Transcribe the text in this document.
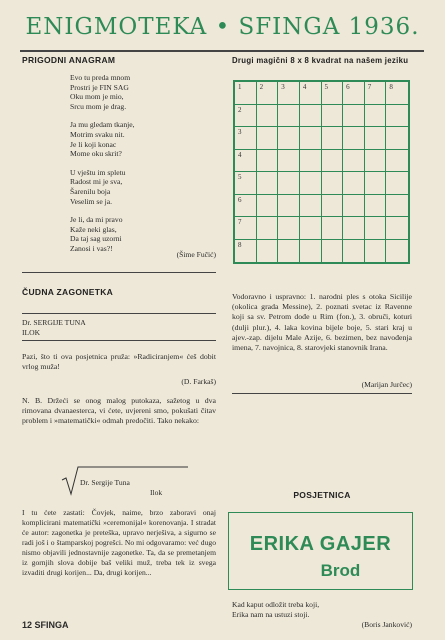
ENIGMOTEKA • SFINGA 1936.
PRIGODNI ANAGRAM
Evo tu preda mnom
Prostri je FIN SAG
Oku mom je mio,
Srcu mom je drag.
Ja mu gledam tkanje,
Motrim svaku nit.
Je li koji konac
Mome oku skrit?
U vještu im spletu
Radost mi je sva,
Šarenilu boja
Veselim se ja.
Je li, da mi pravo
Kaže neki glas,
Da taj sag uzorni
Zanosi i vas?!
(Šime Fučić)
ČUDNA ZAGONETKA
Dr. SERGIJE TUNA
ILOK
Pazi, što ti ova posjetnica pruža: »Radiciranjem« ćeš dobit vrlog muža!
(D. Farkaš)
N. B. Držeći se onog malog putokaza, sažetog u dva rimovana dvanaesterca, vi ćete, uvjereni smo, pokušati čitav problem i »matematički« odmah predočiti. Tako nekako:
Dr. Sergije Tuna
Ilok
I tu ćete zastati: Čovjek, naime, brzo zaboravi onaj komplicirani matematički »ceremonijal« korenovanja. I stradat će autor: zagonetka je preteška, upravo nerješiva, a sigurno se radi još i o štamparskoj pogrešci. No mi odgovaramo: već dugo nismo objavili jednostavnije zagonetke. Ta, da se premetanjem iz gornjih slova dobije baš veliki muž, treba tek iz svega izvaditi drugi korijen... Da, drugi korijen...
Drugi magični 8 x 8 kvadrat na našem jeziku
1	2	3	4	5	6	7	8
2
3
4
5
6
7
8
Vodoravno i uspravno: 1. narodni ples s otoka Sicilije (okolica grada Messine), 2. poznati svetac iz Ravenne koji sa sv. Petrom dođe u Rim (fon.), 3. obruči, koturi (dulji plur.), 4. laka kovina bijele boje, 5. stari kraj u ajev.-zap. dijelu Male Azije, 6. bezimen, bez navođenja imena, 7. navojnica, 8. starovjeki stanovnik Irana.
(Marijan Jurčec)
POSJETNICA
ERIKA GAJER
Brod
Kad kaput odložit treba koji,
Erika nam na ustuzi stoji.
(Boris Janković)
12 SFINGA
